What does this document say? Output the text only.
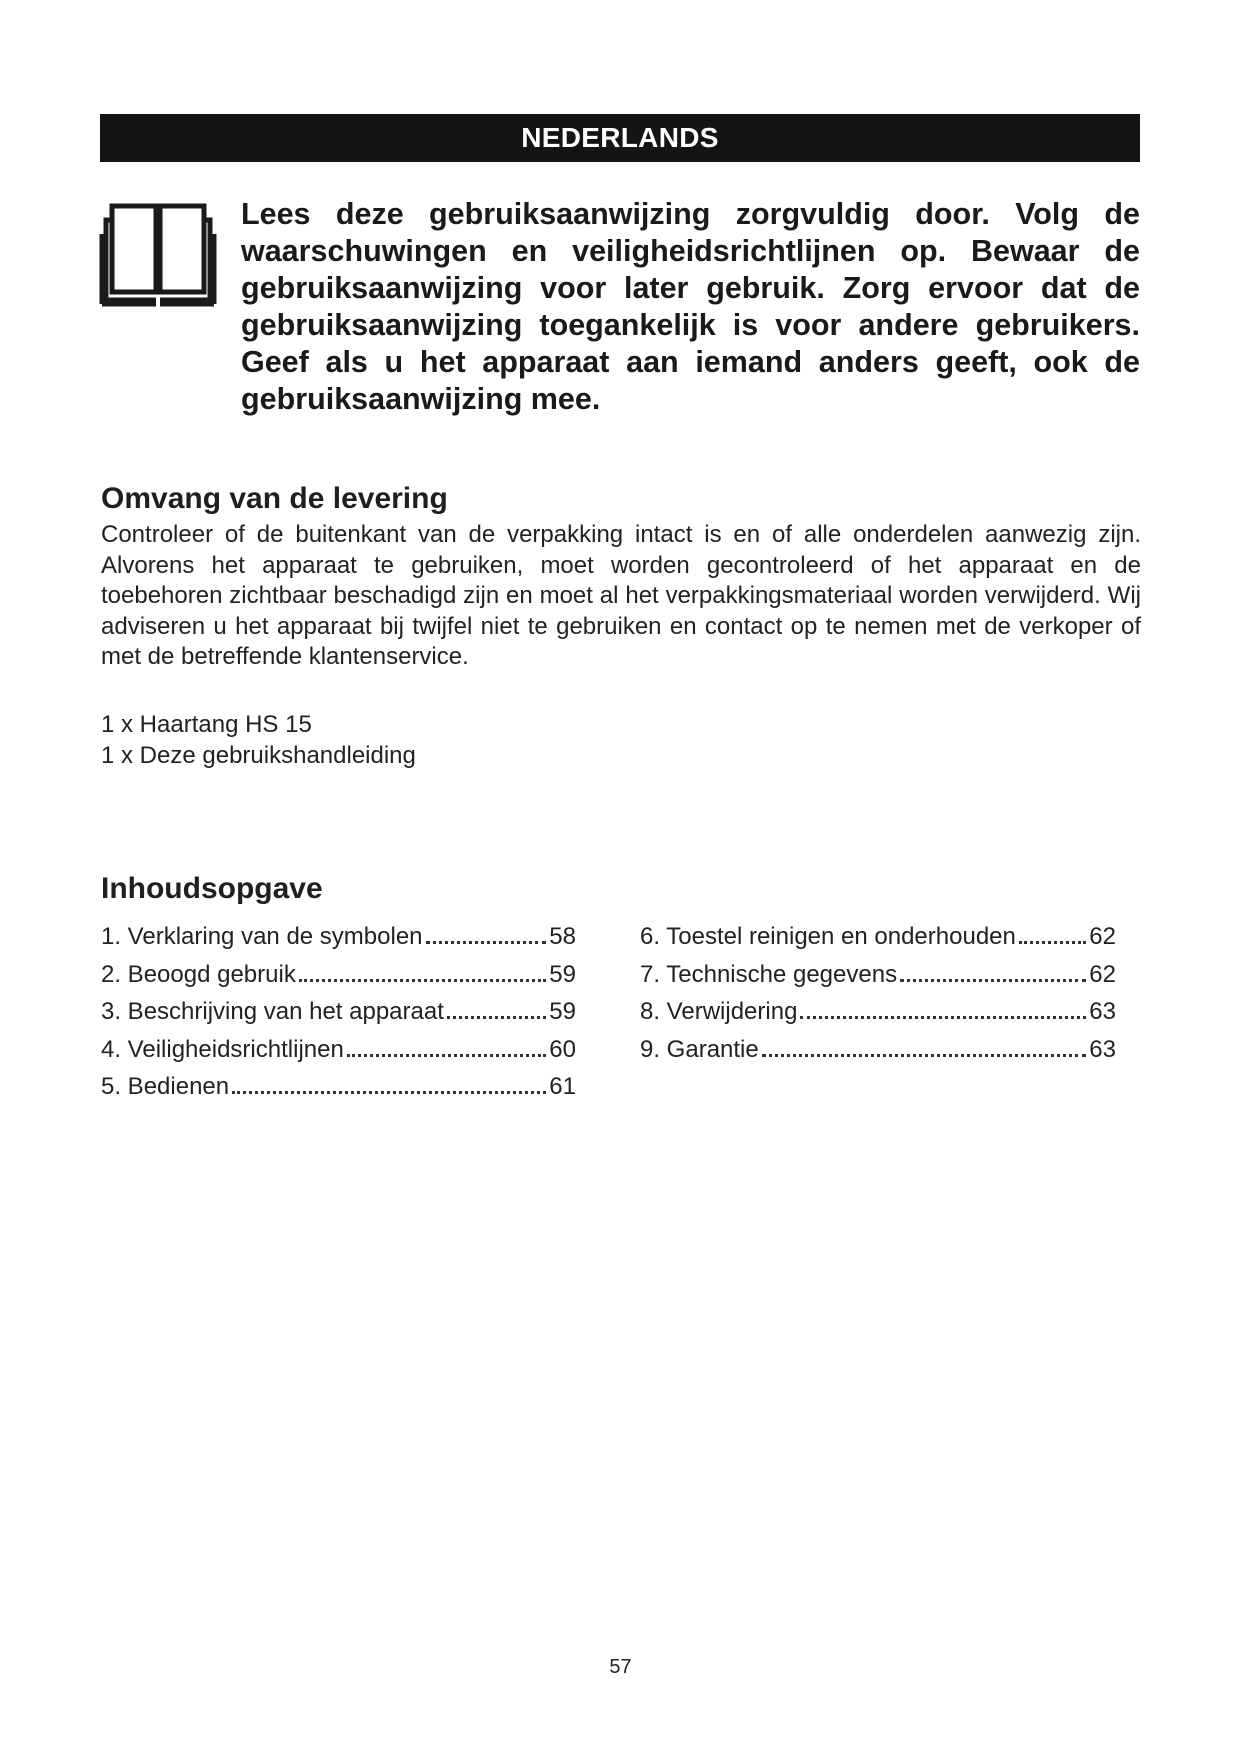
NEDERLANDS

Lees deze gebruiksaanwijzing zorgvuldig door. Volg de waarschuwingen en veiligheidsrichtlijnen op. Bewaar de gebruiksaanwijzing voor later gebruik. Zorg ervoor dat de gebruiksaanwijzing toegankelijk is voor andere gebruikers. Geef als u het apparaat aan iemand anders geeft, ook de gebruiksaanwijzing mee.

Omvang van de levering

Controleer of de buitenkant van de verpakking intact is en of alle onderdelen aanwezig zijn. Alvorens het apparaat te gebruiken, moet worden gecontroleerd of het apparaat en de toebehoren zichtbaar beschadigd zijn en moet al het verpakkingsmateriaal worden verwijderd. Wij adviseren u het apparaat bij twijfel niet te gebruiken en contact op te nemen met de verkoper of met de betreffende klantenservice.

1 x Haartang HS 15
1 x Deze gebruikshandleiding
Inhoudsopgave
1. Verklaring van de symbolen	58
2. Beoogd gebruik	59
3. Beschrijving van het apparaat	59
4. Veiligheidsrichtlijnen	60
5. Bedienen	61
6. Toestel reinigen en onderhouden	62
7. Technische gegevens	62
8. Verwijdering	63
9. Garantie	63
57
